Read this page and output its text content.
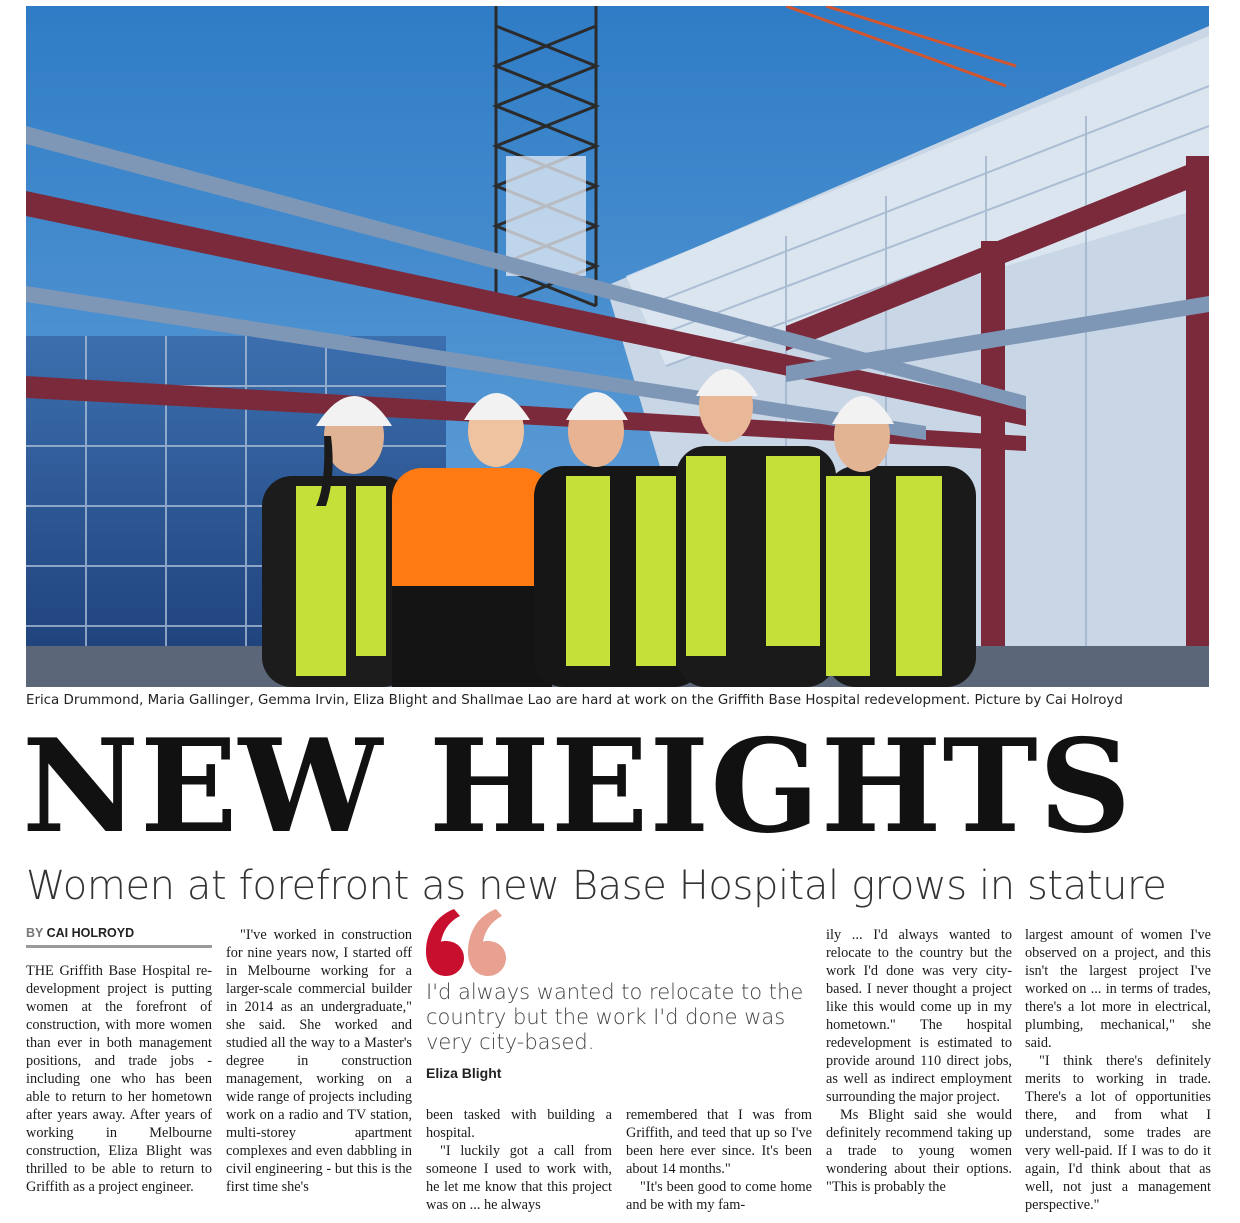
Erica Drummond, Maria Gallinger, Gemma Irvin, Eliza Blight and Shallmae Lao are hard at work on the Griffith Base Hospital redevelopment. Picture by Cai Holroyd
NEW HEIGHTS
Women at forefront as new Base Hospital grows in stature
BY CAI HOLROYD

THE Griffith Base Hospital re-development project is putting women at the forefront of construction, with more women than ever in both management positions, and trade jobs - including one who has been able to return to her hometown after years away. After years of working in Melbourne construction, Eliza Blight was thrilled to be able to return to Griffith as a project engineer.

"I've worked in construction for nine years now, I started off in Melbourne working for a larger-scale commercial builder in 2014 as an undergraduate," she said. She worked and studied all the way to a Master's degree in construction management, working on a wide range of projects including work on a radio and TV station, multi-storey apartment complexes and even dabbling in civil engineering - but this is the first time she's

I'd always wanted to relocate to the country but the work I'd done was very city-based.
Eliza Blight

been tasked with building a hospital.

"I luckily got a call from someone I used to work with, he let me know that this project was on ... he always

remembered that I was from Griffith, and teed that up so I've been here ever since. It's been about 14 months."

"It's been good to come home and be with my fam-

ily ... I'd always wanted to relocate to the country but the work I'd done was very city-based. I never thought a project like this would come up in my hometown." The hospital redevelopment is estimated to provide around 110 direct jobs, as well as indirect employment surrounding the major project.

Ms Blight said she would definitely recommend taking up a trade to young women wondering about their options. "This is probably the

largest amount of women I've observed on a project, and this isn't the largest project I've worked on ... in terms of trades, there's a lot more in electrical, plumbing, mechanical," she said.

"I think there's definitely merits to working in trade. There's a lot of opportunities there, and from what I understand, some trades are very well-paid. If I was to do it again, I'd think about that as well, not just a management perspective."
